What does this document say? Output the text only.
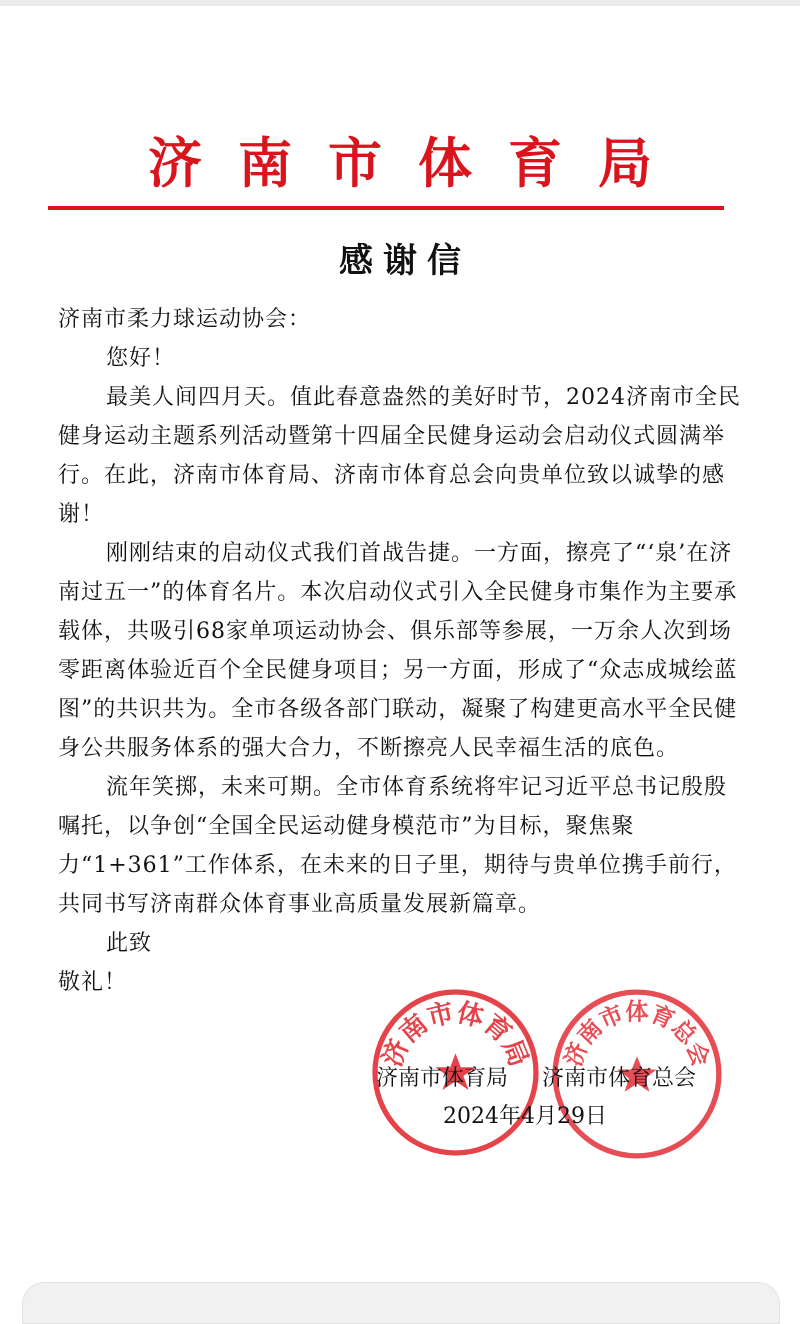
济南市体育局
感谢信

济南市柔力球运动协会：

您好！

最美人间四月天。值此春意盎然的美好时节，2024济南市全民健身运动主题系列活动暨第十四届全民健身运动会启动仪式圆满举行。在此，济南市体育局、济南市体育总会向贵单位致以诚挚的感谢！

刚刚结束的启动仪式我们首战告捷。一方面，擦亮了“‘泉’在济南过五一”的体育名片。本次启动仪式引入全民健身市集作为主要承载体，共吸引68家单项运动协会、俱乐部等参展，一万余人次到场零距离体验近百个全民健身项目；另一方面，形成了“众志成城绘蓝图”的共识共为。全市各级各部门联动，凝聚了构建更高水平全民健身公共服务体系的强大合力，不断擦亮人民幸福生活的底色。

流年笑掷，未来可期。全市体育系统将牢记习近平总书记殷殷嘱托，以争创“全国全民运动健身模范市”为目标，聚焦聚力“1+361”工作体系，在未来的日子里，期待与贵单位携手前行，共同书写济南群众体育事业高质量发展新篇章。

此致

敬礼！

济南市体育局 济南市体育总会
济南市体育局 济南市体育总会
2024年4月29日
